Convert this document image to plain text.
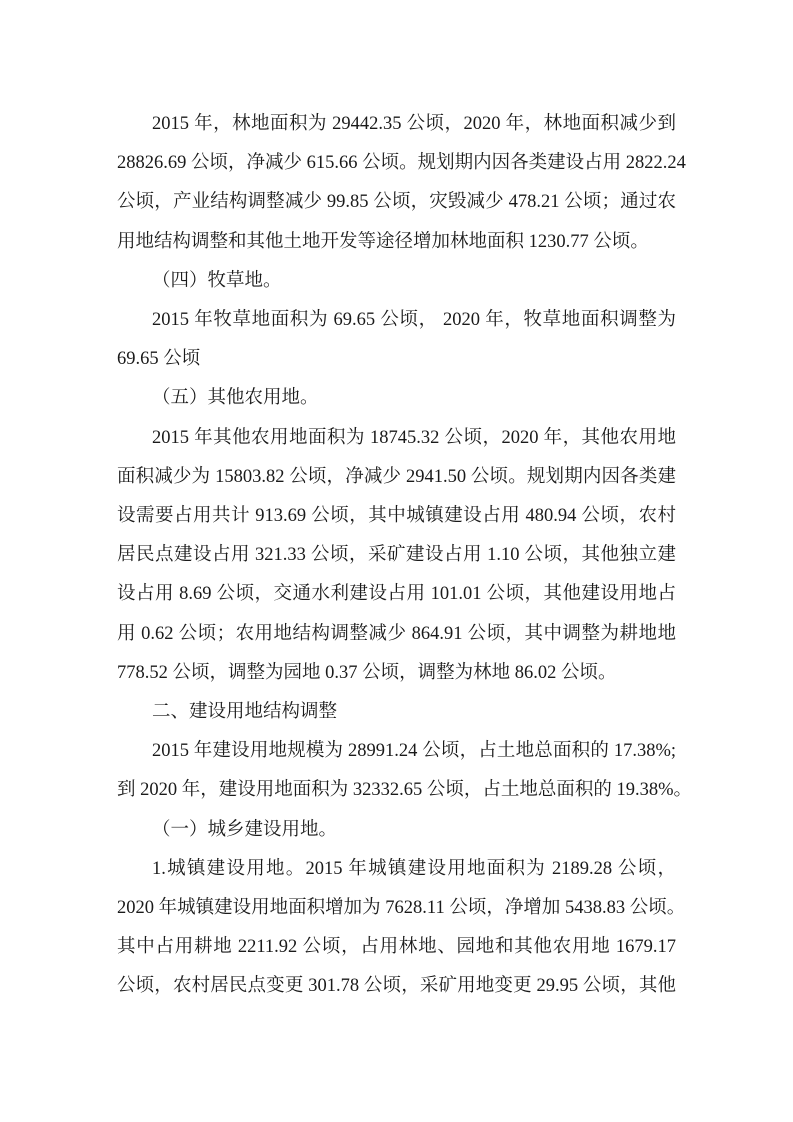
2015 年，林地面积为 29442.35 公顷，2020 年，林地面积减少到
28826.69 公顷，净减少 615.66 公顷。规划期内因各类建设占用 2822.24
公顷，产业结构调整减少 99.85 公顷，灾毁减少 478.21 公顷；通过农
用地结构调整和其他土地开发等途径增加林地面积 1230.77 公顷。
（四）牧草地。
2015 年牧草地面积为 69.65 公顷， 2020 年，牧草地面积调整为
69.65 公顷
（五）其他农用地。
2015 年其他农用地面积为 18745.32 公顷，2020 年，其他农用地
面积减少为 15803.82 公顷，净减少 2941.50 公顷。规划期内因各类建
设需要占用共计 913.69 公顷，其中城镇建设占用 480.94 公顷，农村
居民点建设占用 321.33 公顷，采矿建设占用 1.10 公顷，其他独立建
设占用 8.69 公顷，交通水利建设占用 101.01 公顷，其他建设用地占
用 0.62 公顷；农用地结构调整减少 864.91 公顷，其中调整为耕地地
778.52 公顷，调整为园地 0.37 公顷，调整为林地 86.02 公顷。
二、建设用地结构调整
2015 年建设用地规模为 28991.24 公顷，占土地总面积的 17.38%;
到 2020 年，建设用地面积为 32332.65 公顷，占土地总面积的 19.38%。
（一）城乡建设用地。
1.城镇建设用地。2015 年城镇建设用地面积为 2189.28 公顷，
2020 年城镇建设用地面积增加为 7628.11 公顷，净增加 5438.83 公顷。
其中占用耕地 2211.92 公顷，占用林地、园地和其他农用地 1679.17
公顷，农村居民点变更 301.78 公顷，采矿用地变更 29.95 公顷，其他
